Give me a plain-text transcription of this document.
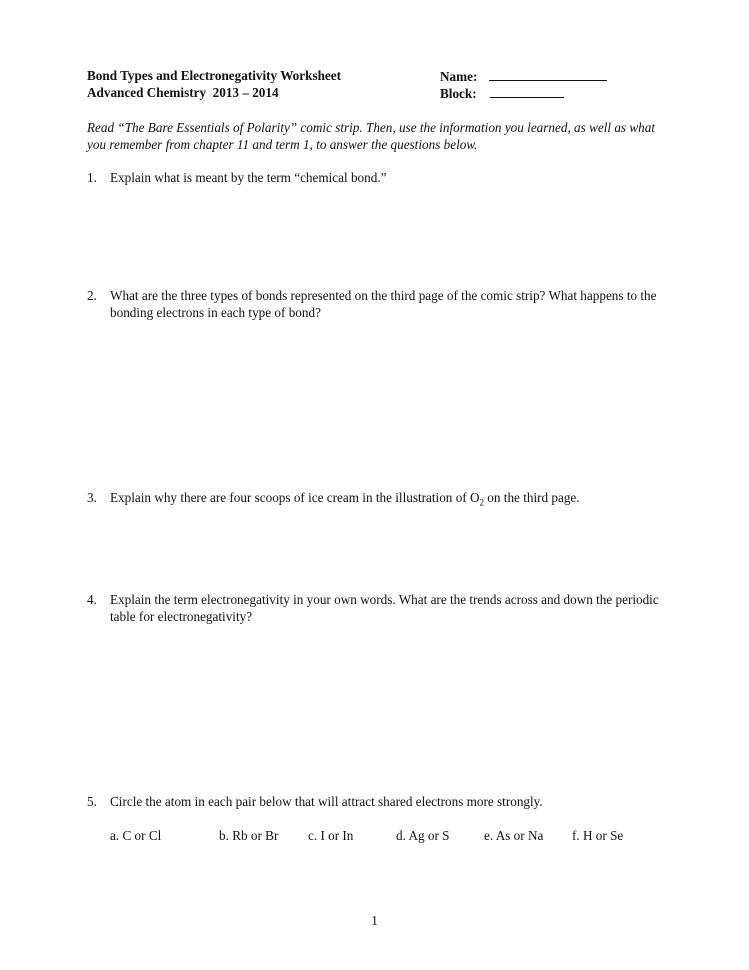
Bond Types and Electronegativity Worksheet
Advanced Chemistry  2013 – 2014
Name:
Block:
Read “The Bare Essentials of Polarity” comic strip. Then, use the information you learned, as well as what you remember from chapter 11 and term 1, to answer the questions below.
1. Explain what is meant by the term “chemical bond.”
2. What are the three types of bonds represented on the third page of the comic strip? What happens to the bonding electrons in each type of bond?
3. Explain why there are four scoops of ice cream in the illustration of $O_2$ on the third page.
4. Explain the term electronegativity in your own words. What are the trends across and down the periodic table for electronegativity?
5. Circle the atom in each pair below that will attract shared electrons more strongly.
a. C or Cl	b. Rb or Br c. I or In	d. Ag or S	e. As or Na f. H or Se
1
